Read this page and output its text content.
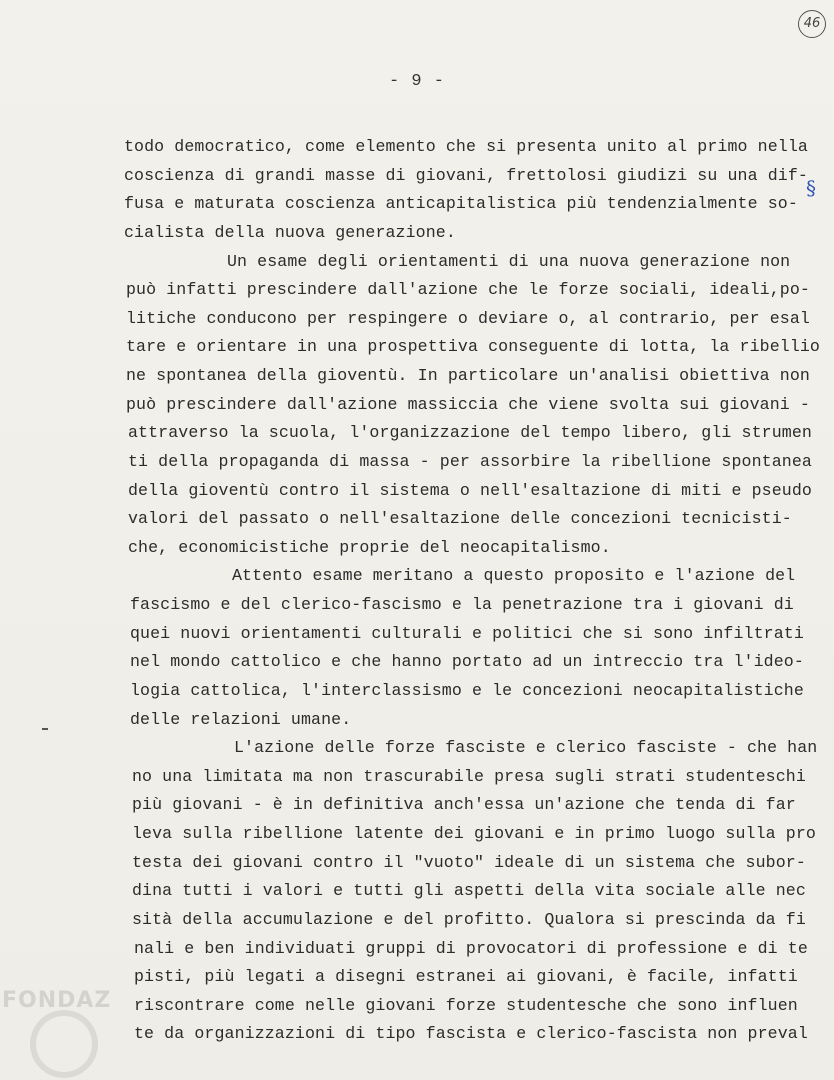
46
- 9 -
§
todo democratico, come elemento che si presenta unito al primo nella
coscienza di grandi masse di giovani, frettolosi giudizi su una dif-
fusa e maturata coscienza anticapitalistica più tendenzialmente so-
cialista della nuova generazione.
Un esame degli orientamenti di una nuova generazione non
può infatti prescindere dall'azione che le forze sociali, ideali,po-
litiche conducono per respingere o deviare o, al contrario, per esal
tare e orientare in una prospettiva conseguente di lotta, la ribellio
ne spontanea della gioventù. In particolare un'analisi obiettiva non
può prescindere dall'azione massiccia che viene svolta sui giovani -
attraverso la scuola, l'organizzazione del tempo libero, gli strumen
ti della propaganda di massa - per assorbire la ribellione spontanea
della gioventù contro il sistema o nell'esaltazione di miti e pseudo
valori del passato o nell'esaltazione delle concezioni tecnicisti-
che, economicistiche proprie del neocapitalismo.
Attento esame meritano a questo proposito e l'azione del
fascismo e del clerico-fascismo e la penetrazione tra i giovani di
quei nuovi orientamenti culturali e politici che si sono infiltrati
nel mondo cattolico e che hanno portato ad un intreccio tra l'ideo-
logia cattolica, l'interclassismo e le concezioni neocapitalistiche
delle relazioni umane.
L'azione delle forze fasciste e clerico fasciste - che han
no una limitata ma non trascurabile presa sugli strati studenteschi
più giovani - è in definitiva anch'essa un'azione che tenda di far
leva sulla ribellione latente dei giovani e in primo luogo sulla pro
testa dei giovani contro il "vuoto" ideale di un sistema che subor-
dina tutti i valori e tutti gli aspetti della vita sociale alle nec
sità della accumulazione e del profitto. Qualora si prescinda da fi
nali e ben individuati gruppi di provocatori di professione e di te
pisti, più legati a disegni estranei ai giovani, è facile, infatti
riscontrare come nelle giovani forze studentesche che sono influen
te da organizzazioni di tipo fascista e clerico-fascista non preval
FONDAZ
